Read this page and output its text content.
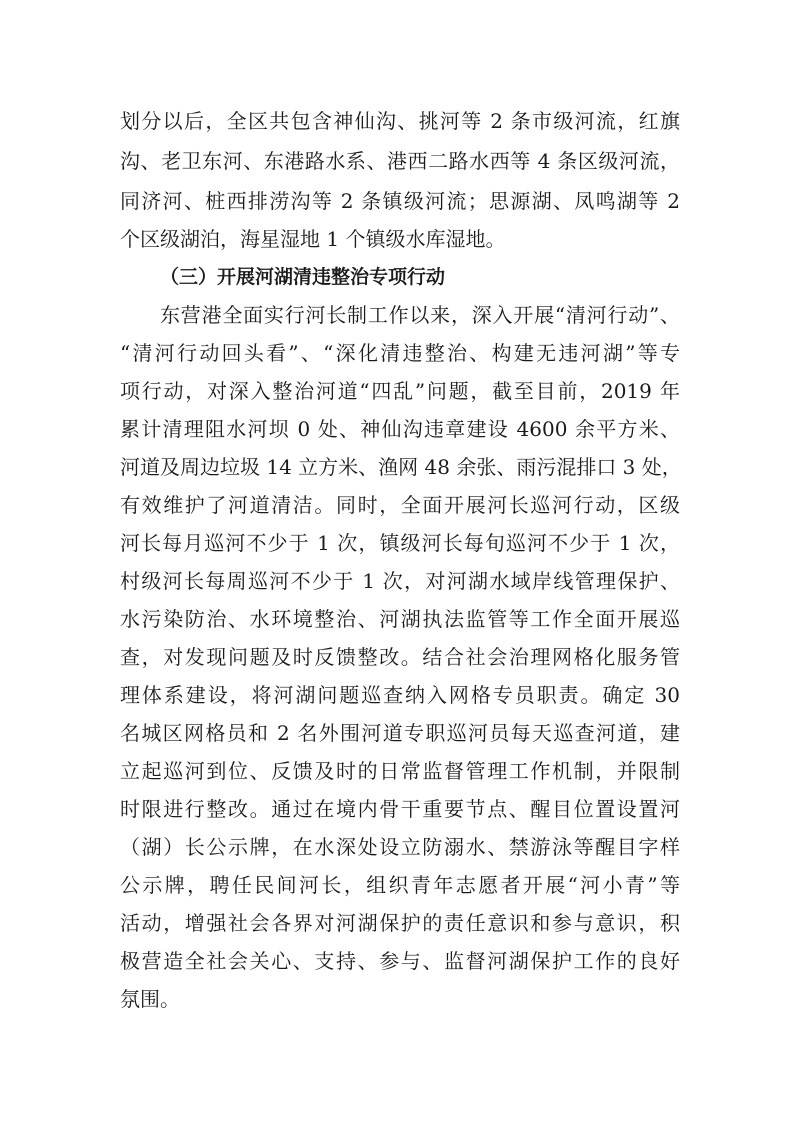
划分以后，全区共包含神仙沟、挑河等 2 条市级河流，红旗
沟、老卫东河、东港路水系、港西二路水西等 4 条区级河流，
同济河、桩西排涝沟等 2 条镇级河流；思源湖、凤鸣湖等 2
个区级湖泊，海星湿地 1 个镇级水库湿地。
（三）开展河湖清违整治专项行动
东营港全面实行河长制工作以来，深入开展“清河行动”、
“清河行动回头看”、“深化清违整治、构建无违河湖”等专
项行动，对深入整治河道“四乱”问题，截至目前，2019 年
累计清理阻水河坝 0 处、神仙沟违章建设 4600 余平方米、
河道及周边垃圾 14 立方米、渔网 48 余张、雨污混排口 3 处，
有效维护了河道清洁。同时，全面开展河长巡河行动，区级
河长每月巡河不少于 1 次，镇级河长每旬巡河不少于 1 次，
村级河长每周巡河不少于 1 次，对河湖水域岸线管理保护、
水污染防治、水环境整治、河湖执法监管等工作全面开展巡
查，对发现问题及时反馈整改。结合社会治理网格化服务管
理体系建设，将河湖问题巡查纳入网格专员职责。确定 30
名城区网格员和 2 名外围河道专职巡河员每天巡查河道，建
立起巡河到位、反馈及时的日常监督管理工作机制，并限制
时限进行整改。通过在境内骨干重要节点、醒目位置设置河
（湖）长公示牌，在水深处设立防溺水、禁游泳等醒目字样
公示牌，聘任民间河长，组织青年志愿者开展“河小青”等
活动，增强社会各界对河湖保护的责任意识和参与意识，积
极营造全社会关心、支持、参与、监督河湖保护工作的良好
氛围。
